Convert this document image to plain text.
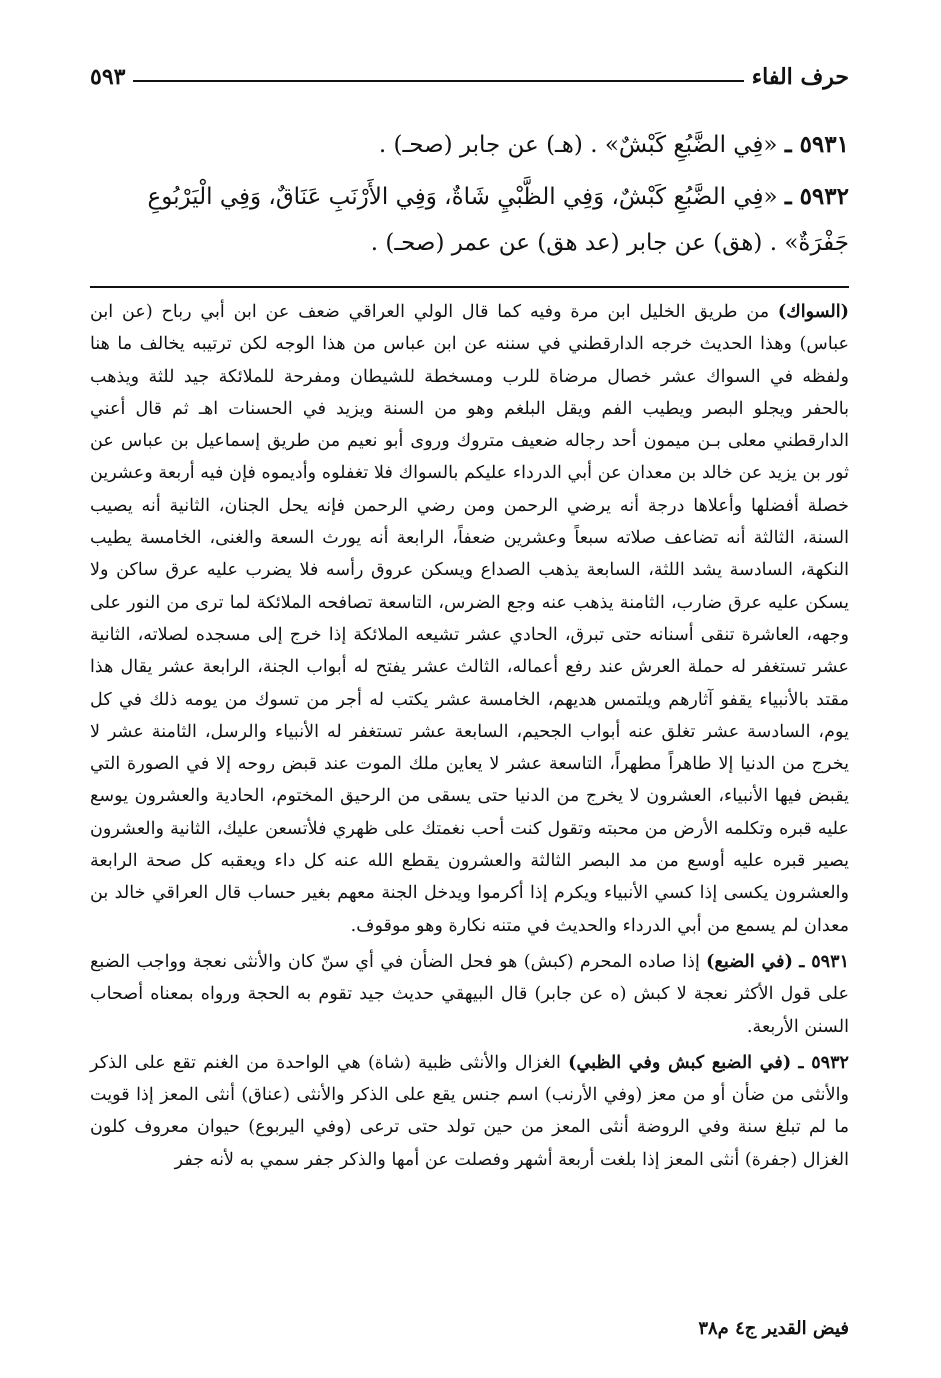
حرف الفاء
٥٩٣
٥٩٣١ ـ «فِي الضَّبُعِ كَبْشٌ» . (هـ) عن جابر (صحـ) .
٥٩٣٢ ـ «فِي الضَّبُعِ كَبْشٌ، وَفِي الظَّبْيِ شَاةٌ، وَفِي الأَرْنَبِ عَنَاقٌ، وَفِي الْيَرْبُوعِ جَفْرَةٌ» . (هق) عن جابر (عد هق) عن عمر (صحـ) .

(السواك) من طريق الخليل ابن مرة وفيه كما قال الولي العراقي ضعف عن ابن أبي رباح (عن ابن عباس) وهذا الحديث خرجه الدارقطني في سننه عن ابن عباس من هذا الوجه لكن ترتيبه يخالف ما هنا ولفظه في السواك عشر خصال مرضاة للرب ومسخطة للشيطان ومفرحة للملائكة جيد للثة ويذهب بالحفر ويجلو البصر ويطيب الفم ويقل البلغم وهو من السنة ويزيد في الحسنات اهـ ثم قال أعني الدارقطني معلى بـن ميمون أحد رجاله ضعيف متروك وروى أبو نعيم من طريق إسماعيل بن عباس عن ثور بن يزيد عن خالد بن معدان عن أبي الدرداء عليكم بالسواك فلا تغفلوه وأديموه فإن فيه أربعة وعشرين خصلة أفضلها وأعلاها درجة أنه يرضي الرحمن ومن رضي الرحمن فإنه يحل الجنان، الثانية أنه يصيب السنة، الثالثة أنه تضاعف صلاته سبعاً وعشرين ضعفاً، الرابعة أنه يورث السعة والغنى، الخامسة يطيب النكهة، السادسة يشد اللثة، السابعة يذهب الصداع ويسكن عروق رأسه فلا يضرب عليه عرق ساكن ولا يسكن عليه عرق ضارب، الثامنة يذهب عنه وجع الضرس، التاسعة تصافحه الملائكة لما ترى من النور على وجهه، العاشرة تنقى أسنانه حتى تبرق، الحادي عشر تشيعه الملائكة إذا خرج إلى مسجده لصلاته، الثانية عشر تستغفر له حملة العرش عند رفع أعماله، الثالث عشر يفتح له أبواب الجنة، الرابعة عشر يقال هذا مقتد بالأنبياء يقفو آثارهم ويلتمس هديهم، الخامسة عشر يكتب له أجر من تسوك من يومه ذلك في كل يوم، السادسة عشر تغلق عنه أبواب الجحيم، السابعة عشر تستغفر له الأنبياء والرسل، الثامنة عشر لا يخرج من الدنيا إلا طاهراً مطهراً، التاسعة عشر لا يعاين ملك الموت عند قبض روحه إلا في الصورة التي يقبض فيها الأنبياء، العشرون لا يخرج من الدنيا حتى يسقى من الرحيق المختوم، الحادية والعشرون يوسع عليه قبره وتكلمه الأرض من محبته وتقول كنت أحب نغمتك على ظهري فلأتسعن عليك، الثانية والعشرون يصير قبره عليه أوسع من مد البصر الثالثة والعشرون يقطع الله عنه كل داء ويعقبه كل صحة الرابعة والعشرون يكسى إذا كسي الأنبياء ويكرم إذا أكرموا ويدخل الجنة معهم بغير حساب قال العراقي خالد بن معدان لم يسمع من أبي الدرداء والحديث في متنه نكارة وهو موقوف.

٥٩٣١ ـ (في الضبع) إذا صاده المحرم (كبش) هو فحل الضأن في أي سنّ كان والأنثى نعجة وواجب الضبع على قول الأكثر نعجة لا كبش (ه عن جابر) قال البيهقي حديث جيد تقوم به الحجة ورواه بمعناه أصحاب السنن الأربعة.

٥٩٣٢ ـ (في الضبع كبش وفي الظبي) الغزال والأنثى ظبية (شاة) هي الواحدة من الغنم تقع على الذكر والأنثى من ضأن أو من معز (وفي الأرنب) اسم جنس يقع على الذكر والأنثى (عناق) أنثى المعز إذا قويت ما لم تبلغ سنة وفي الروضة أنثى المعز من حين تولد حتى ترعى (وفي اليربوع) حيوان معروف كلون الغزال (جفرة) أنثى المعز إذا بلغت أربعة أشهر وفصلت عن أمها والذكر جفر سمي به لأنه جفر

فيض القدير ج٤ م٣٨
